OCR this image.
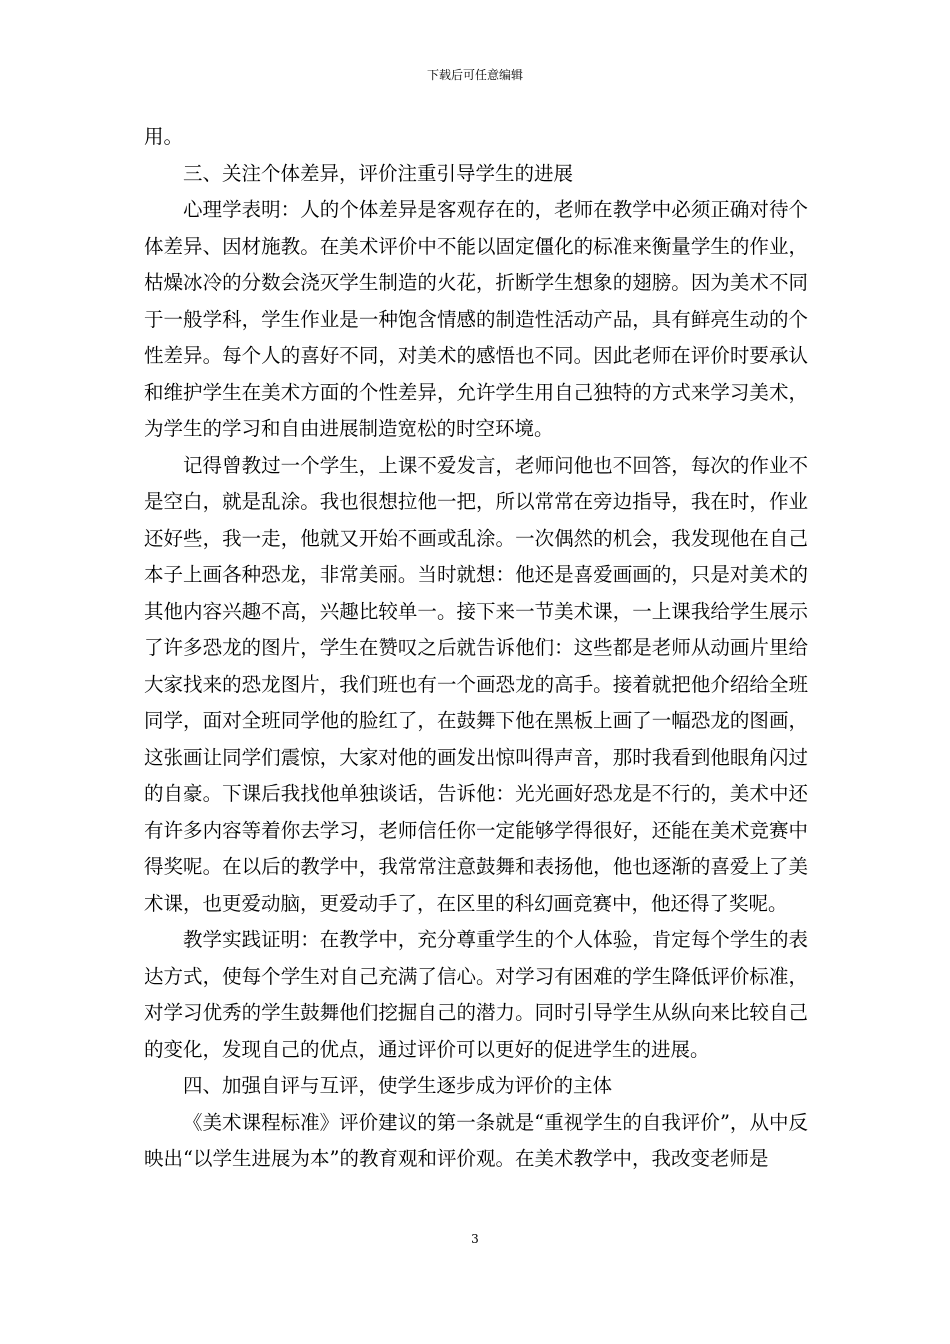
下载后可任意编辑

用。

三、关注个体差异，评价注重引导学生的进展

心理学表明：人的个体差异是客观存在的，老师在教学中必须正确对待个体差异、因材施教。在美术评价中不能以固定僵化的标准来衡量学生的作业，枯燥冰冷的分数会浇灭学生制造的火花，折断学生想象的翅膀。因为美术不同于一般学科，学生作业是一种饱含情感的制造性活动产品，具有鲜亮生动的个性差异。每个人的喜好不同，对美术的感悟也不同。因此老师在评价时要承认和维护学生在美术方面的个性差异，允许学生用自己独特的方式来学习美术，为学生的学习和自由进展制造宽松的时空环境。

记得曾教过一个学生，上课不爱发言，老师问他也不回答，每次的作业不是空白，就是乱涂。我也很想拉他一把，所以常常在旁边指导，我在时，作业还好些，我一走，他就又开始不画或乱涂。一次偶然的机会，我发现他在自己本子上画各种恐龙，非常美丽。当时就想：他还是喜爱画画的，只是对美术的其他内容兴趣不高，兴趣比较单一。接下来一节美术课，一上课我给学生展示了许多恐龙的图片，学生在赞叹之后就告诉他们：这些都是老师从动画片里给大家找来的恐龙图片，我们班也有一个画恐龙的高手。接着就把他介绍给全班同学，面对全班同学他的脸红了，在鼓舞下他在黑板上画了一幅恐龙的图画，这张画让同学们震惊，大家对他的画发出惊叫得声音，那时我看到他眼角闪过的自豪。下课后我找他单独谈话，告诉他：光光画好恐龙是不行的，美术中还有许多内容等着你去学习，老师信任你一定能够学得很好，还能在美术竞赛中得奖呢。在以后的教学中，我常常注意鼓舞和表扬他，他也逐渐的喜爱上了美术课，也更爱动脑，更爱动手了，在区里的科幻画竞赛中，他还得了奖呢。

教学实践证明：在教学中，充分尊重学生的个人体验，肯定每个学生的表达方式，使每个学生对自己充满了信心。对学习有困难的学生降低评价标准，对学习优秀的学生鼓舞他们挖掘自己的潜力。同时引导学生从纵向来比较自己的变化，发现自己的优点，通过评价可以更好的促进学生的进展。

四、加强自评与互评，使学生逐步成为评价的主体

《美术课程标准》评价建议的第一条就是“重视学生的自我评价”，从中反映出“以学生进展为本”的教育观和评价观。在美术教学中，我改变老师是

3
